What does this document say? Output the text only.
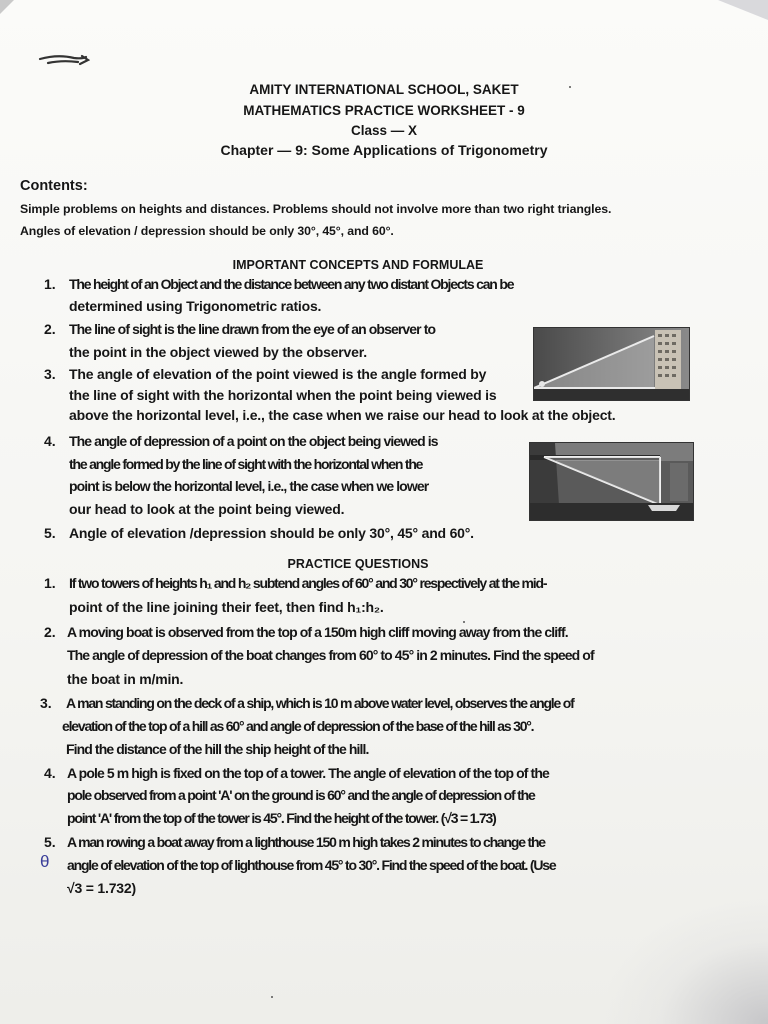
AMITY INTERNATIONAL SCHOOL, SAKET
MATHEMATICS PRACTICE WORKSHEET - 9
Class — X
Chapter — 9: Some Applications of Trigonometry
Contents:
Simple problems on heights and distances. Problems should not involve more than two right triangles.
Angles of elevation / depression should be only 30°, 45°, and 60°.
IMPORTANT CONCEPTS AND FORMULAE
1. The height of an Object and the distance between any two distant Objects can be
determined using Trigonometric ratios.
2. The line of sight is the line drawn from the eye of an observer to
the point in the object viewed by the observer.
3. The angle of elevation of the point viewed is the angle formed by
the line of sight with the horizontal when the point being viewed is
above the horizontal level, i.e., the case when we raise our head to look at the object.
4. The angle of depression of a point on the object being viewed is
the angle formed by the line of sight with the horizontal when the
point is below the horizontal level, i.e., the case when we lower
our head to look at the point being viewed.
5. Angle of elevation /depression should be only 30°, 45° and 60°.
PRACTICE QUESTIONS
1. If two towers of heights h₁ and h₂ subtend angles of 60° and 30° respectively at the mid-
point of the line joining their feet, then find h₁:h₂.
2. A moving boat is observed from the top of a 150m high cliff moving away from the cliff.
The angle of depression of the boat changes from 60° to 45° in 2 minutes. Find the speed of
the boat in m/min.
3. A man standing on the deck of a ship, which is 10 m above water level, observes the angle of
elevation of the top of a hill as 60° and angle of depression of the base of the hill as 30°.
Find the distance of the hill the ship height of the hill.
4. A pole 5 m high is fixed on the top of a tower. The angle of elevation of the top of the
pole observed from a point 'A' on the ground is 60° and the angle of depression of the
point 'A' from the top of the tower is 45°. Find the height of the tower. (√3 = 1.73)
5. A man rowing a boat away from a lighthouse 150 m high takes 2 minutes to change the
angle of elevation of the top of lighthouse from 45° to 30°. Find the speed of the boat. (Use
√3 = 1.732)
θ
